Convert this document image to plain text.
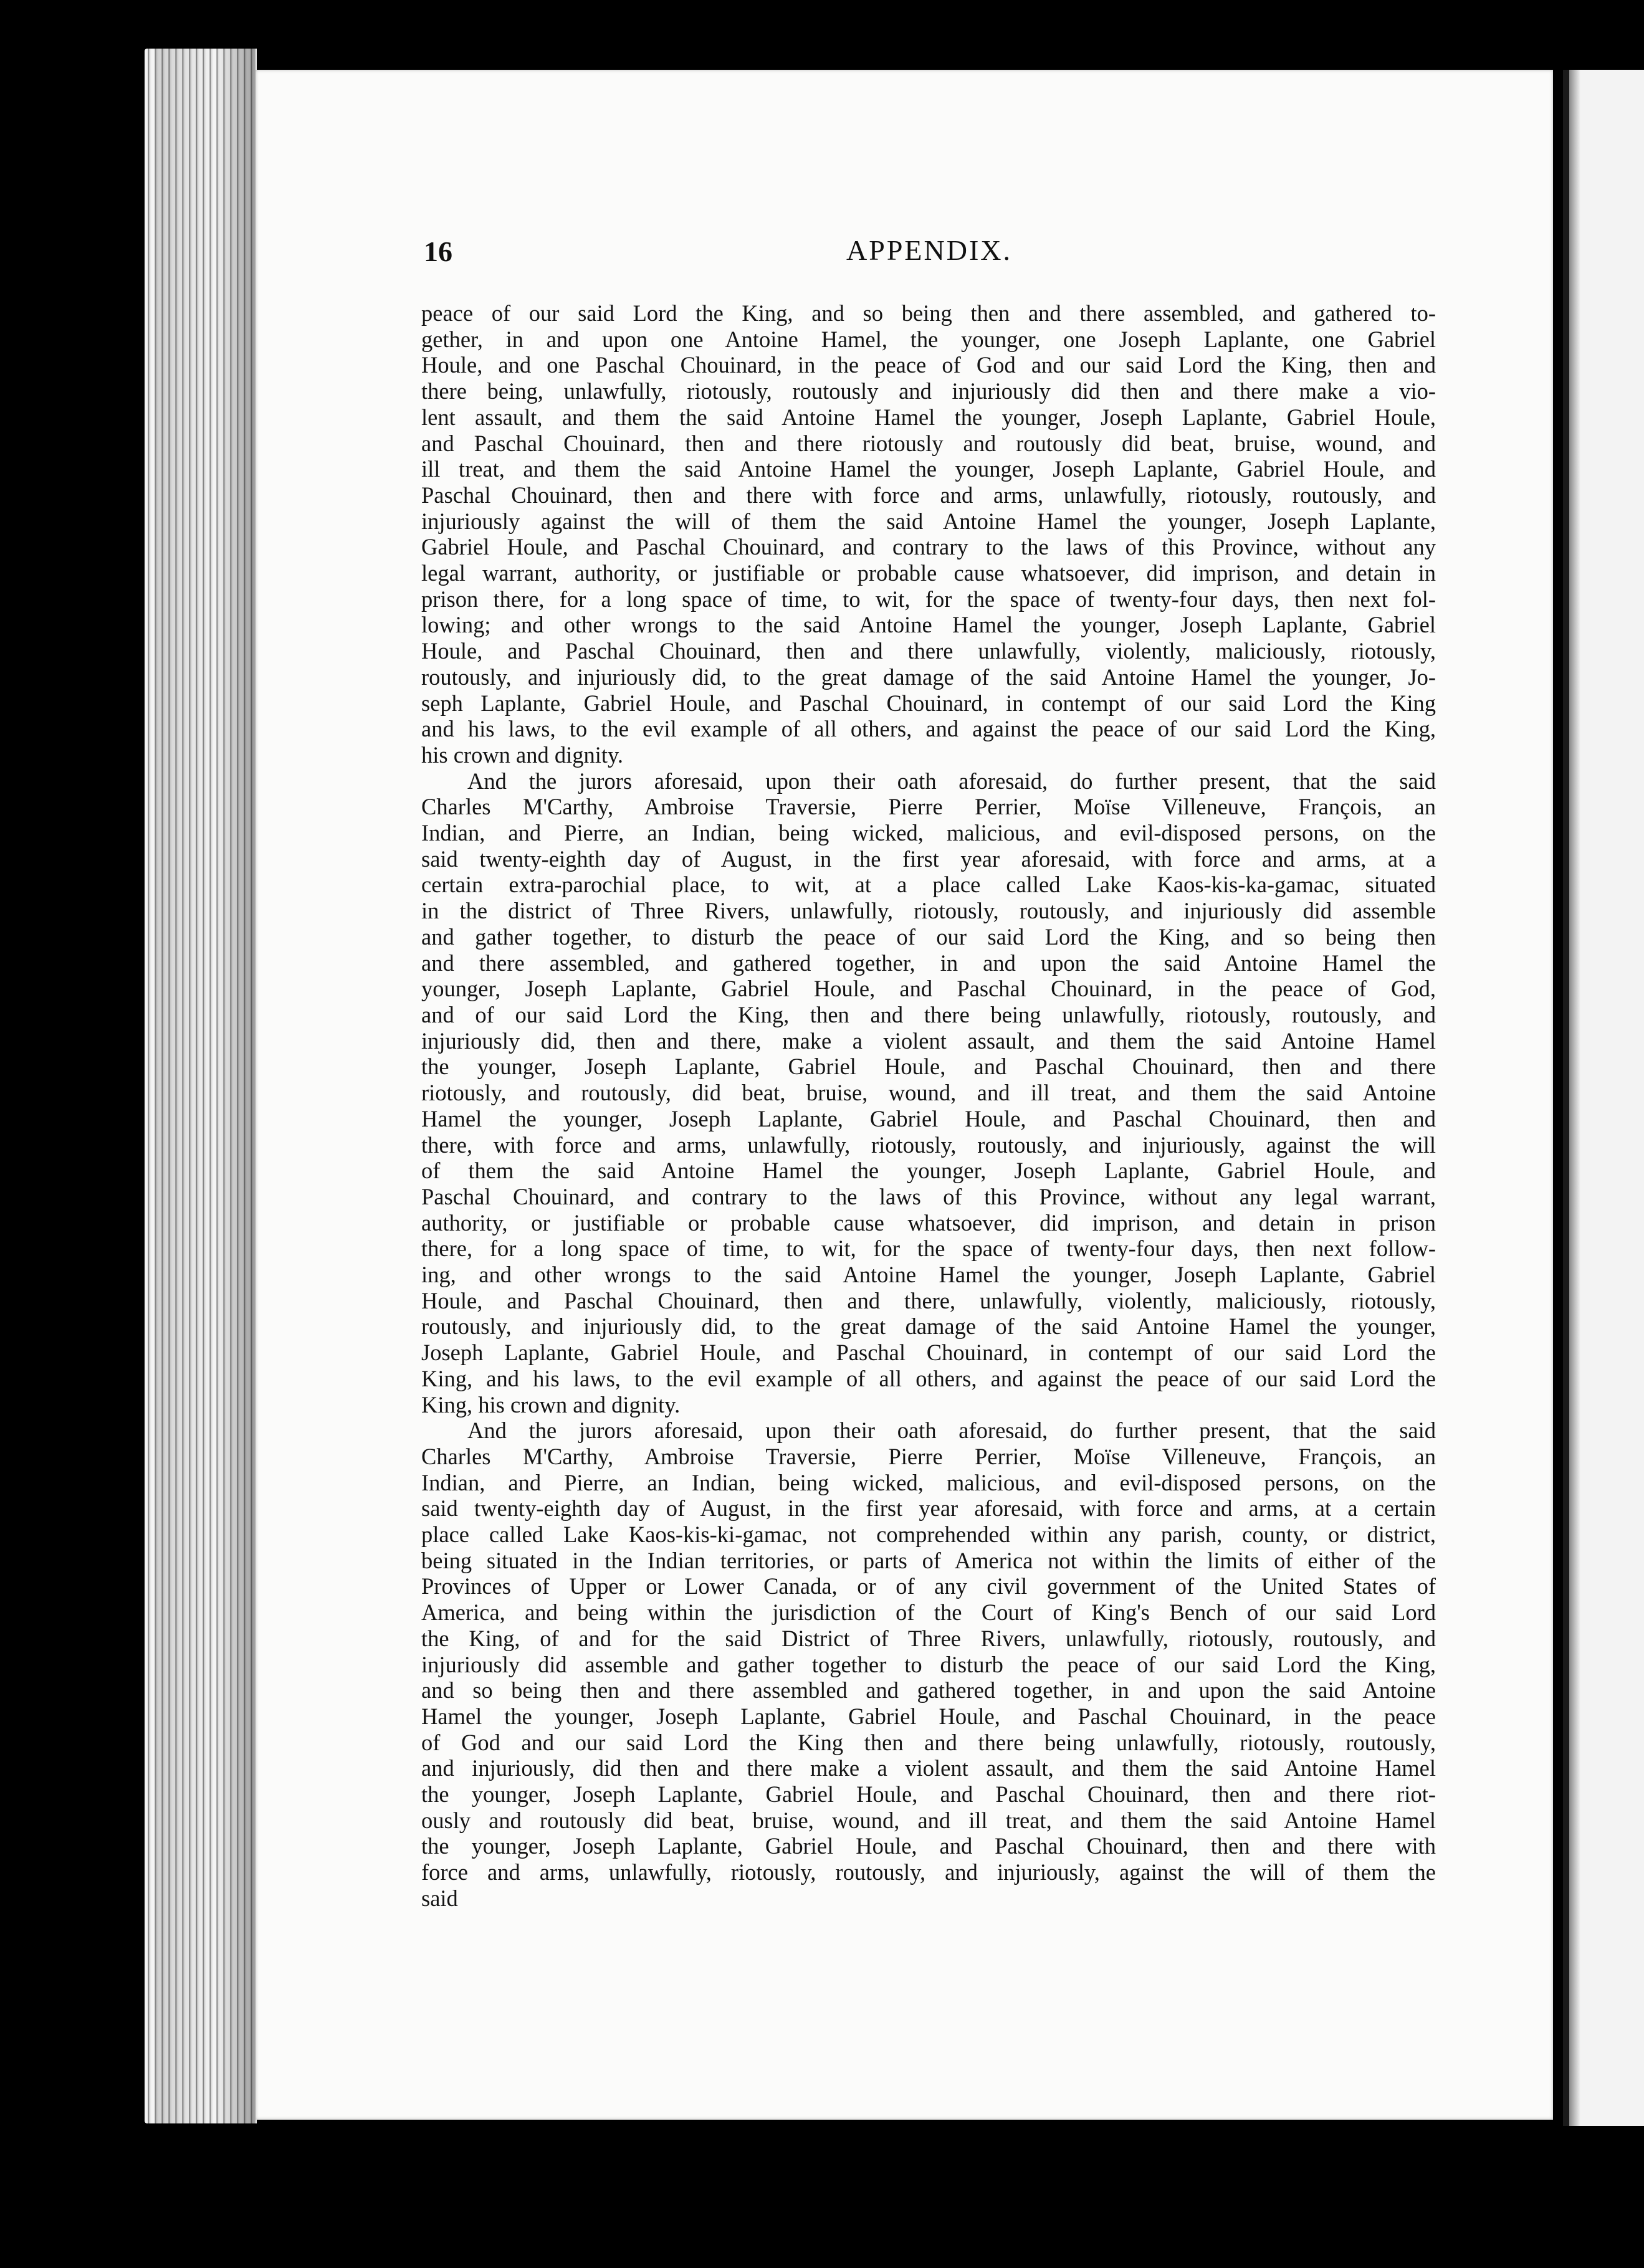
16	APPENDIX.

peace of our said Lord the King, and so being then and there assembled, and gathered to-

gether, in and upon one Antoine Hamel, the younger, one Joseph Laplante, one Gabriel

Houle, and one Paschal Chouinard, in the peace of God and our said Lord the King, then and

there being, unlawfully, riotously, routously and injuriously did then and there make a vio-

lent assault, and them the said Antoine Hamel the younger, Joseph Laplante, Gabriel Houle,

and Paschal Chouinard, then and there riotously and routously did beat, bruise, wound, and

ill treat, and them the said Antoine Hamel the younger, Joseph Laplante, Gabriel Houle, and

Paschal Chouinard, then and there with force and arms, unlawfully, riotously, routously, and

injuriously against the will of them the said Antoine Hamel the younger, Joseph Laplante,

Gabriel Houle, and Paschal Chouinard, and contrary to the laws of this Province, without any

legal warrant, authority, or justifiable or probable cause whatsoever, did imprison, and detain in

prison there, for a long space of time, to wit, for the space of twenty-four days, then next fol-

lowing; and other wrongs to the said Antoine Hamel the younger, Joseph Laplante, Gabriel

Houle, and Paschal Chouinard, then and there unlawfully, violently, maliciously, riotously,

routously, and injuriously did, to the great damage of the said Antoine Hamel the younger, Jo-

seph Laplante, Gabriel Houle, and Paschal Chouinard, in contempt of our said Lord the King

and his laws, to the evil example of all others, and against the peace of our said Lord the King,

his crown and dignity.

And the jurors aforesaid, upon their oath aforesaid, do further present, that the said

Charles M'Carthy, Ambroise Traversie, Pierre Perrier, Moïse Villeneuve, François, an

Indian, and Pierre, an Indian, being wicked, malicious, and evil-disposed persons, on the

said twenty-eighth day of August, in the first year aforesaid, with force and arms, at a

certain extra-parochial place, to wit, at a place called Lake Kaos-kis-ka-gamac, situated

in the district of Three Rivers, unlawfully, riotously, routously, and injuriously did assemble

and gather together, to disturb the peace of our said Lord the King, and so being then

and there assembled, and gathered together, in and upon the said Antoine Hamel the

younger, Joseph Laplante, Gabriel Houle, and Paschal Chouinard, in the peace of God,

and of our said Lord the King, then and there being unlawfully, riotously, routously, and

injuriously did, then and there, make a violent assault, and them the said Antoine Hamel

the younger, Joseph Laplante, Gabriel Houle, and Paschal Chouinard, then and there

riotously, and routously, did beat, bruise, wound, and ill treat, and them the said Antoine

Hamel the younger, Joseph Laplante, Gabriel Houle, and Paschal Chouinard, then and

there, with force and arms, unlawfully, riotously, routously, and injuriously, against the will

of them the said Antoine Hamel the younger, Joseph Laplante, Gabriel Houle, and

Paschal Chouinard, and contrary to the laws of this Province, without any legal warrant,

authority, or justifiable or probable cause whatsoever, did imprison, and detain in prison

there, for a long space of time, to wit, for the space of twenty-four days, then next follow-

ing, and other wrongs to the said Antoine Hamel the younger, Joseph Laplante, Gabriel

Houle, and Paschal Chouinard, then and there, unlawfully, violently, maliciously, riotously,

routously, and injuriously did, to the great damage of the said Antoine Hamel the younger,

Joseph Laplante, Gabriel Houle, and Paschal Chouinard, in contempt of our said Lord the

King, and his laws, to the evil example of all others, and against the peace of our said Lord the

King, his crown and dignity.

And the jurors aforesaid, upon their oath aforesaid, do further present, that the said

Charles M'Carthy, Ambroise Traversie, Pierre Perrier, Moïse Villeneuve, François, an

Indian, and Pierre, an Indian, being wicked, malicious, and evil-disposed persons, on the

said twenty-eighth day of August, in the first year aforesaid, with force and arms, at a certain

place called Lake Kaos-kis-ki-gamac, not comprehended within any parish, county, or district,

being situated in the Indian territories, or parts of America not within the limits of either of the

Provinces of Upper or Lower Canada, or of any civil government of the United States of

America, and being within the jurisdiction of the Court of King's Bench of our said Lord

the King, of and for the said District of Three Rivers, unlawfully, riotously, routously, and

injuriously did assemble and gather together to disturb the peace of our said Lord the King,

and so being then and there assembled and gathered together, in and upon the said Antoine

Hamel the younger, Joseph Laplante, Gabriel Houle, and Paschal Chouinard, in the peace

of God and our said Lord the King then and there being unlawfully, riotously, routously,

and injuriously, did then and there make a violent assault, and them the said Antoine Hamel

the younger, Joseph Laplante, Gabriel Houle, and Paschal Chouinard, then and there riot-

ously and routously did beat, bruise, wound, and ill treat, and them the said Antoine Hamel

the younger, Joseph Laplante, Gabriel Houle, and Paschal Chouinard, then and there with

force and arms, unlawfully, riotously, routously, and injuriously, against the will of them the

said
